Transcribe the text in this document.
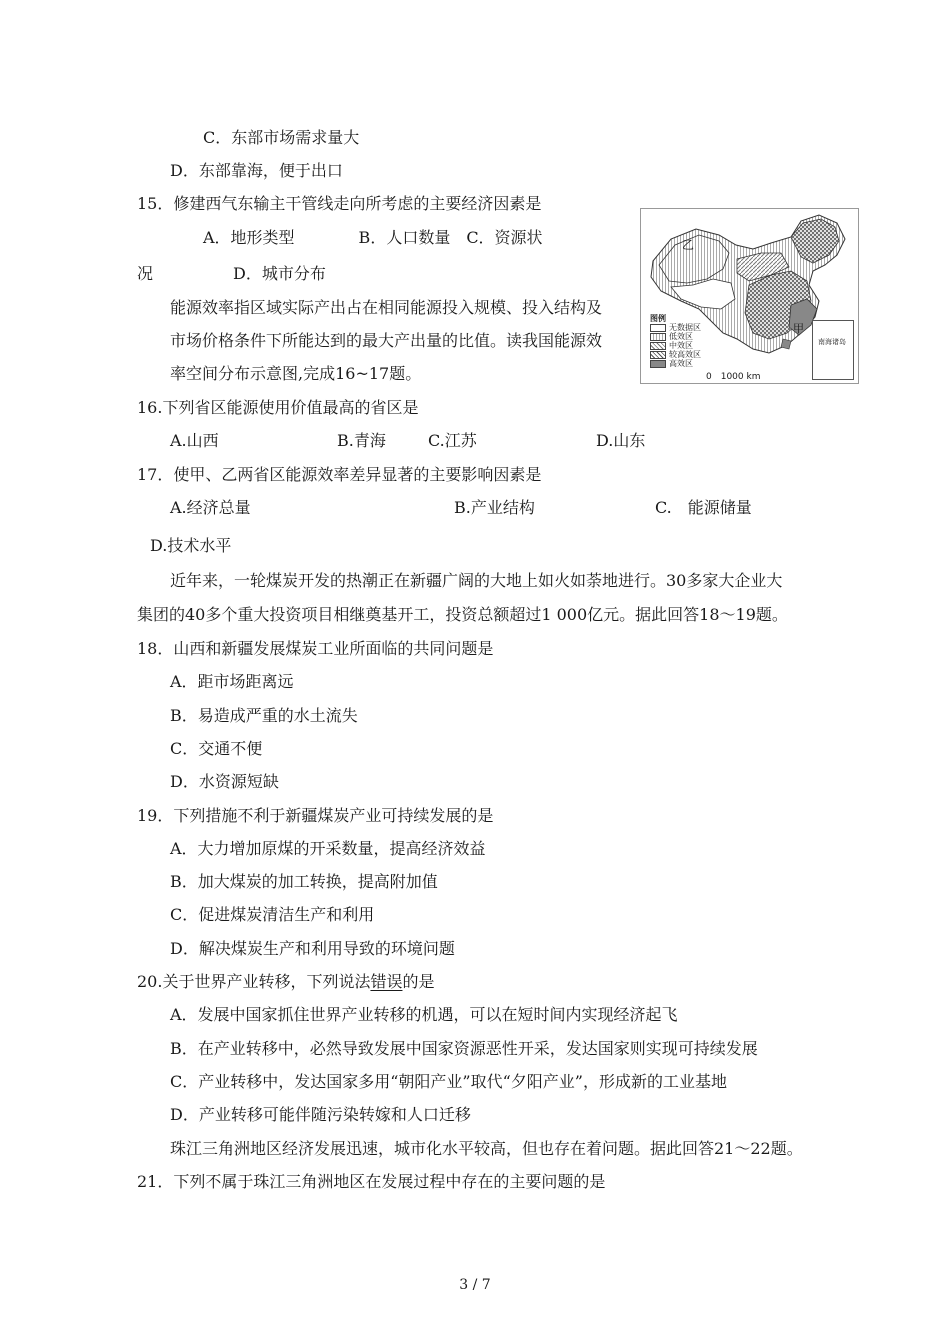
C．东部市场需求量大
D．东部靠海，便于出口
15．修建西气东输主干管线走向所考虑的主要经济因素是
A．地形类型　　　　B．人口数量　C．资源状
况　　　　　D．城市分布
能源效率指区域实际产出占在相同能源投入规模、投入结构及
市场价格条件下所能达到的最大产出量的比值。读我国能源效
率空间分布示意图,完成16~17题。
16.下列省区能源使用价值最高的省区是
A.山西	B.青海	C.江苏	D.山东
17．使甲、乙两省区能源效率差异显著的主要影响因素是
A.经济总量	B.产业结构	C.　能源储量
D.技术水平
近年来，一轮煤炭开发的热潮正在新疆广阔的大地上如火如荼地进行。30多家大企业大
集团的40多个重大投资项目相继奠基开工，投资总额超过1 000亿元。据此回答18～19题。
18．山西和新疆发展煤炭工业所面临的共同问题是
A．距市场距离远
B．易造成严重的水土流失
C．交通不便
D．水资源短缺
19．下列措施不利于新疆煤炭产业可持续发展的是
A．大力增加原煤的开采数量，提高经济效益
B．加大煤炭的加工转换，提高附加值
C．促进煤炭清洁生产和利用
D．解决煤炭生产和利用导致的环境问题
20.关于世界产业转移，下列说法错误的是
A．发展中国家抓住世界产业转移的机遇，可以在短时间内实现经济起飞
B．在产业转移中，必然导致发展中国家资源恶性开采，发达国家则实现可持续发展
C．产业转移中，发达国家多用“朝阳产业”取代“夕阳产业”，形成新的工业基地
D．产业转移可能伴随污染转嫁和人口迁移
珠江三角洲地区经济发展迅速，城市化水平较高，但也存在着问题。据此回答21～22题。
21．下列不属于珠江三角洲地区在发展过程中存在的主要问题的是
乙
甲
图例
无数据区
低效区
中效区
较高效区
高效区
0　1000 km
南海诸岛
3 / 7
